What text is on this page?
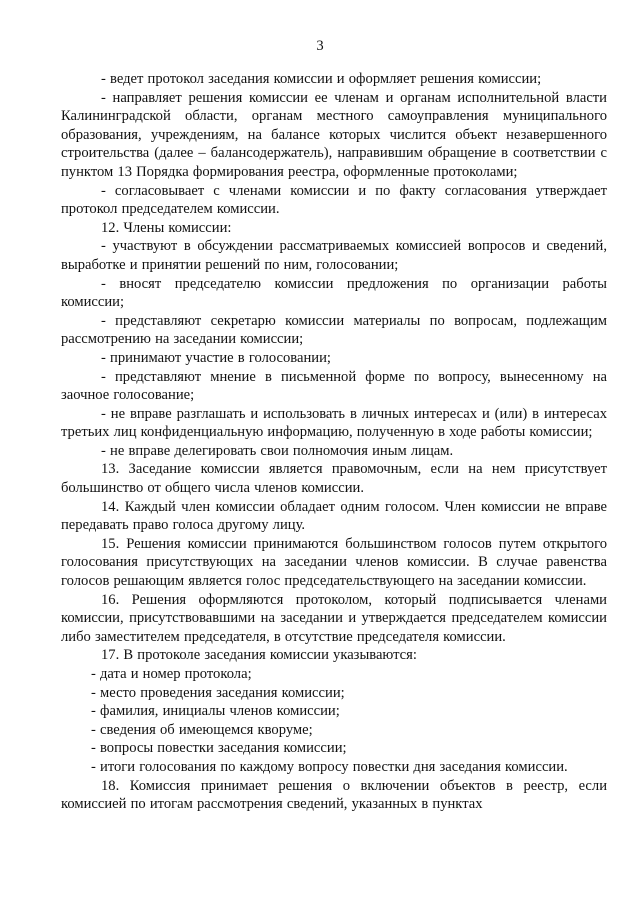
3

- ведет протокол заседания комиссии и оформляет решения комиссии;

- направляет решения комиссии ее членам и органам исполнительной власти Калининградской области, органам местного самоуправления муниципального образования, учреждениям, на балансе которых числится объект незавершенного строительства (далее – балансодержатель), направившим обращение в соответствии с пунктом 13 Порядка формирования реестра, оформленные протоколами;

- согласовывает с членами комиссии и по факту согласования утверждает протокол председателем комиссии.

12. Члены комиссии:

- участвуют в обсуждении рассматриваемых комиссией вопросов и сведений, выработке и принятии решений по ним, голосовании;

- вносят председателю комиссии предложения по организации работы комиссии;

- представляют секретарю комиссии материалы по вопросам, подлежащим рассмотрению на заседании комиссии;

- принимают участие в голосовании;

- представляют мнение в письменной форме по вопросу, вынесенному на заочное голосование;

- не вправе разглашать и использовать в личных интересах и (или) в интересах третьих лиц конфиденциальную информацию, полученную в ходе работы комиссии;

- не вправе делегировать свои полномочия иным лицам.

13. Заседание комиссии является правомочным, если на нем присутствует большинство от общего числа членов комиссии.

14. Каждый член комиссии обладает одним голосом. Член комиссии не вправе передавать право голоса другому лицу.

15. Решения комиссии принимаются большинством голосов путем открытого голосования присутствующих на заседании членов комиссии. В случае равенства голосов решающим является голос председательствующего на заседании комиссии.

16. Решения оформляются протоколом, который подписывается членами комиссии, присутствовавшими на заседании и утверждается председателем комиссии либо заместителем председателя, в отсутствие председателя комиссии.

17. В протоколе заседания комиссии указываются:

- дата и номер протокола;

- место проведения заседания комиссии;

- фамилия, инициалы членов комиссии;

- сведения об имеющемся кворуме;

- вопросы повестки заседания комиссии;

- итоги голосования по каждому вопросу повестки дня заседания комиссии.

18. Комиссия принимает решения о включении объектов в реестр, если комиссией по итогам рассмотрения сведений, указанных в пунктах
